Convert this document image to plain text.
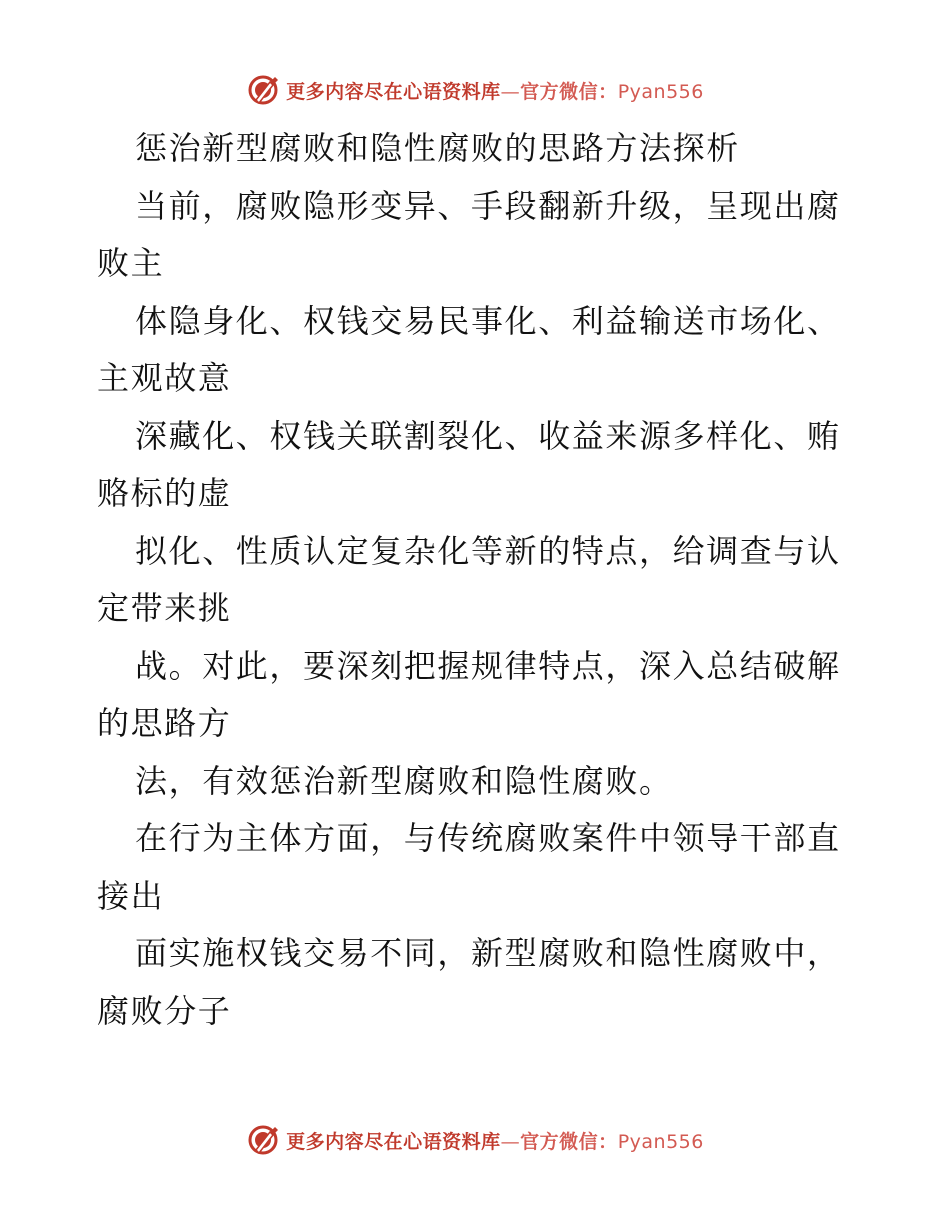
更多内容尽在心语资料库—官方微信：Pyan556
惩治新型腐败和隐性腐败的思路方法探析
当前，腐败隐形变异、手段翻新升级，呈现出腐
败主
体隐身化、权钱交易民事化、利益输送市场化、
主观故意
深藏化、权钱关联割裂化、收益来源多样化、贿
赂标的虚
拟化、性质认定复杂化等新的特点，给调查与认
定带来挑
战。对此，要深刻把握规律特点，深入总结破解
的思路方
法，有效惩治新型腐败和隐性腐败。
在行为主体方面，与传统腐败案件中领导干部直
接出
面实施权钱交易不同，新型腐败和隐性腐败中，
腐败分子
更多内容尽在心语资料库—官方微信：Pyan556
